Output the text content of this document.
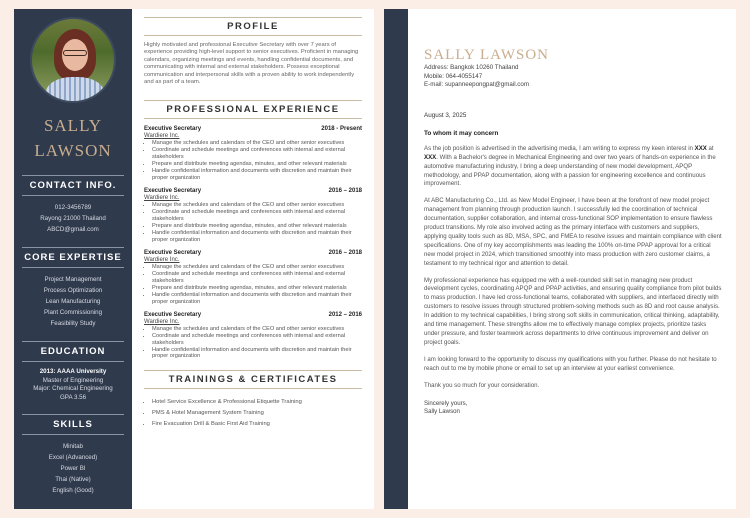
SALLY
LAWSON
CONTACT INFO.
012-3456789
Rayong 21000 Thailand
ABCD@gmail.com
CORE EXPERTISE
Project Management
Process Optimization
Lean Manufacturing
Plant Commissioning
Feasibility Study
EDUCATION
2013: AAAA University
Master of Engineering
Major: Chemical Engineering
GPA 3.56
SKILLS
Minitab
Excel (Advanced)
Power BI
Thai (Native)
English (Good)
PROFILE

Highly motivated and professional Executive Secretary with over 7 years of experience providing high-level support to senior executives. Proficient in managing calendars, organizing meetings and events, handling confidential documents, and communicating with internal and external stakeholders. Possess exceptional communication and interpersonal skills with a proven ability to work independently and as part of a team.

PROFESSIONAL EXPERIENCE
Executive Secretary	2018 - Present
Wardiere Inc.
• Manage the schedules and calendars of the CEO and other senior executives
• Coordinate and schedule meetings and conferences with internal and external stakeholders
• Prepare and distribute meeting agendas, minutes, and other relevant materials
• Handle confidential information and documents with discretion and maintain their proper organization
Executive Secretary	2016 – 2018
Wardiere Inc.
• Manage the schedules and calendars of the CEO and other senior executives
• Coordinate and schedule meetings and conferences with internal and external stakeholders
• Prepare and distribute meeting agendas, minutes, and other relevant materials
• Handle confidential information and documents with discretion and maintain their proper organization
Executive Secretary	2016 – 2018
Wardiere Inc.
• Manage the schedules and calendars of the CEO and other senior executives
• Coordinate and schedule meetings and conferences with internal and external stakeholders
• Prepare and distribute meeting agendas, minutes, and other relevant materials
• Handle confidential information and documents with discretion and maintain their proper organization
Executive Secretary	2012 – 2016
Wardiere Inc.
• Manage the schedules and calendars of the CEO and other senior executives
• Coordinate and schedule meetings and conferences with internal and external stakeholders
• Handle confidential information and documents with discretion and maintain their proper organization
TRAININGS & CERTIFICATES
• Hotel Service Excellence & Professional Etiquette Training
• PMS & Hotel Management System Training
• Fire Evacuation Drill & Basic First Aid Training
SALLY LAWSON
Address: Bangkok 10260 Thailand
Mobile: 064-4055147
E-mail: supanneepongpat@gmail.com
August 3, 2025
To whom it may concern

As the job position is advertised in the advertising media, I am writing to express my keen interest in XXX at XXX. With a Bachelor's degree in Mechanical Engineering and over two years of hands-on experience in the automotive manufacturing industry, I bring a deep understanding of new model development, APQP methodology, and PPAP documentation, along with a passion for engineering excellence and continuous improvement.

At ABC Manufacturing Co., Ltd. as New Model Engineer, I have been at the forefront of new model project management from planning through production launch. I successfully led the coordination of technical documentation, supplier collaboration, and internal cross-functional SOP implementation to ensure flawless product transitions. My role also involved acting as the primary interface with customers and suppliers, applying quality tools such as 8D, MSA, SPC, and FMEA to resolve issues and maintain compliance with client specifications. One of my key accomplishments was leading the 100% on-time PPAP approval for a critical new model project in 2024, which transitioned smoothly into mass production with zero customer claims, a testament to my technical rigor and attention to detail.

My professional experience has equipped me with a well-rounded skill set in managing new product development cycles, coordinating APQP and PPAP activities, and ensuring quality compliance from pilot builds to mass production. I have led cross-functional teams, collaborated with suppliers, and interfaced directly with customers to resolve issues through structured problem-solving methods such as 8D and root cause analysis. In addition to my technical capabilities, I bring strong soft skills in communication, critical thinking, adaptability, and time management. These strengths allow me to effectively manage complex projects, prioritize tasks under pressure, and foster teamwork across departments to drive continuous improvement and deliver on project goals.

I am looking forward to the opportunity to discuss my qualifications with you further. Please do not hesitate to reach out to me by mobile phone or email to set up an interview at your earliest convenience.

Thank you so much for your consideration.

Sincerely yours,
Sally Lawson
